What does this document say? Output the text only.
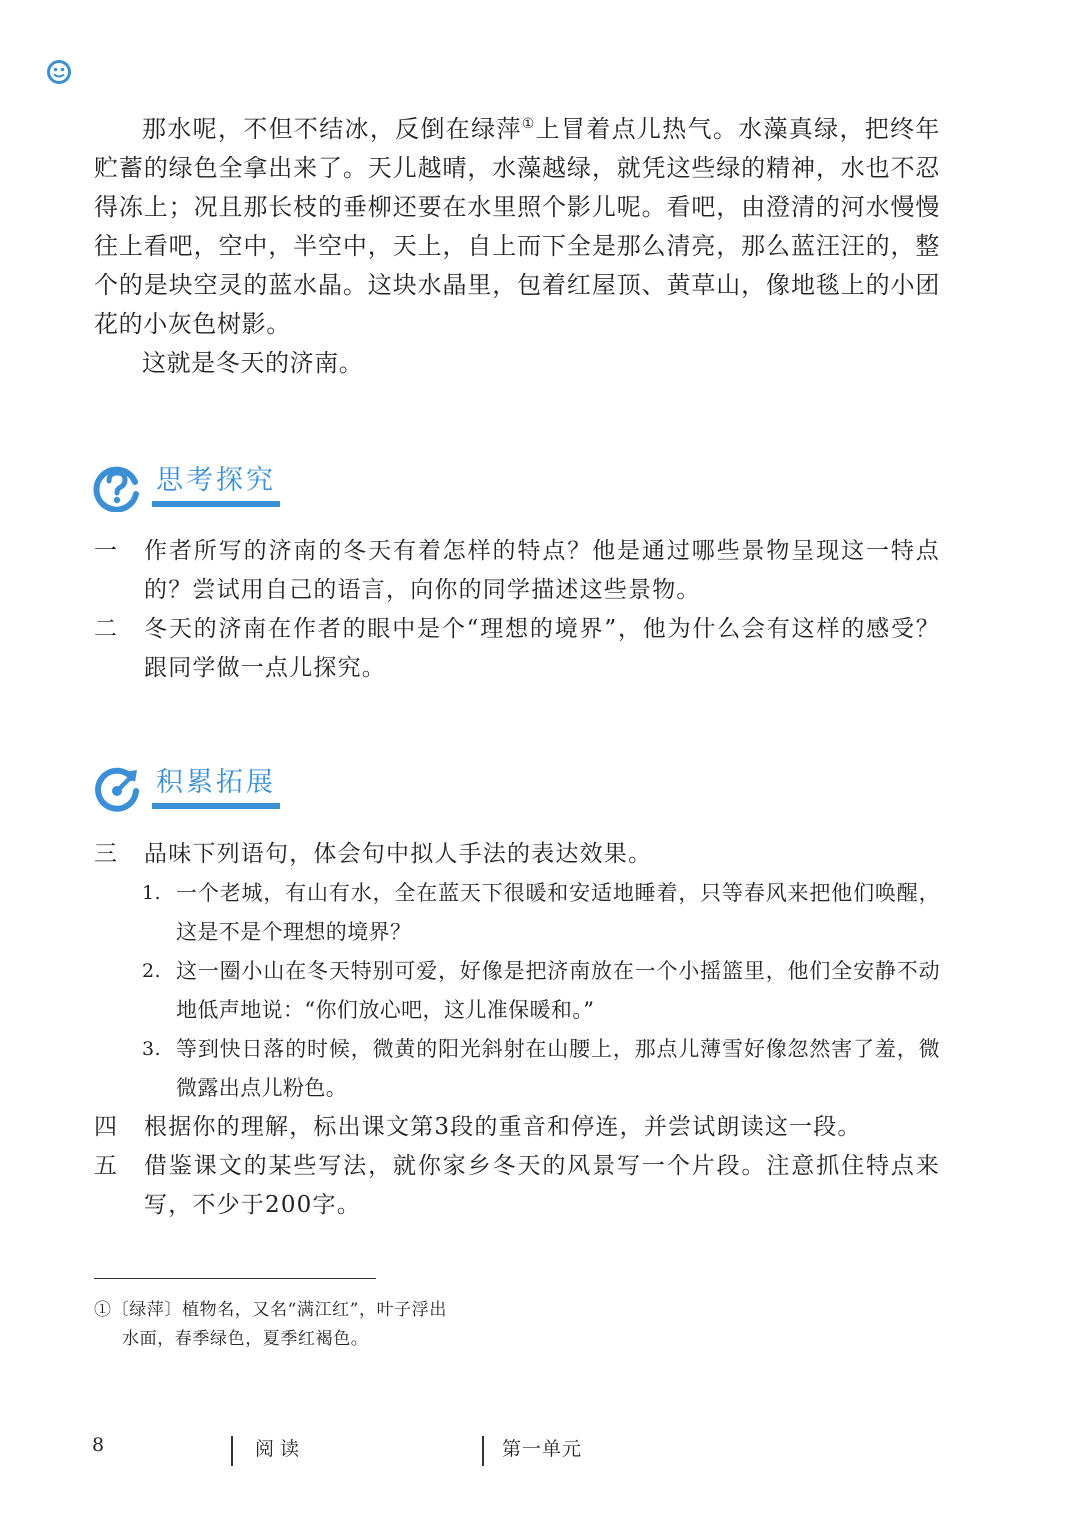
那水呢，不但不结冰，反倒在绿萍①上冒着点儿热气。水藻真绿，把终年贮蓄的绿色全拿出来了。天儿越晴，水藻越绿，就凭这些绿的精神，水也不忍得冻上；况且那长枝的垂柳还要在水里照个影儿呢。看吧，由澄清的河水慢慢往上看吧，空中，半空中，天上，自上而下全是那么清亮，那么蓝汪汪的，整个的是块空灵的蓝水晶。这块水晶里，包着红屋顶、黄草山，像地毯上的小团花的小灰色树影。

这就是冬天的济南。

思考探究
一 作者所写的济南的冬天有着怎样的特点？他是通过哪些景物呈现这一特点的？尝试用自己的语言，向你的同学描述这些景物。
二 冬天的济南在作者的眼中是个“理想的境界”，他为什么会有这样的感受？跟同学做一点儿探究。
积累拓展
三 品味下列语句，体会句中拟人手法的表达效果。
1. 一个老城，有山有水，全在蓝天下很暖和安适地睡着，只等春风来把他们唤醒，这是不是个理想的境界？
2. 这一圈小山在冬天特别可爱，好像是把济南放在一个小摇篮里，他们全安静不动地低声地说：“你们放心吧，这儿准保暖和。”
3. 等到快日落的时候，微黄的阳光斜射在山腰上，那点儿薄雪好像忽然害了羞，微微露出点儿粉色。
四 根据你的理解，标出课文第3段的重音和停连，并尝试朗读这一段。
五 借鉴课文的某些写法，就你家乡冬天的风景写一个片段。注意抓住特点来写，不少于200字。
①〔绿萍〕植物名，又名“满江红”，叶子浮出
水面，春季绿色，夏季红褐色。
8	阅读	第一单元
